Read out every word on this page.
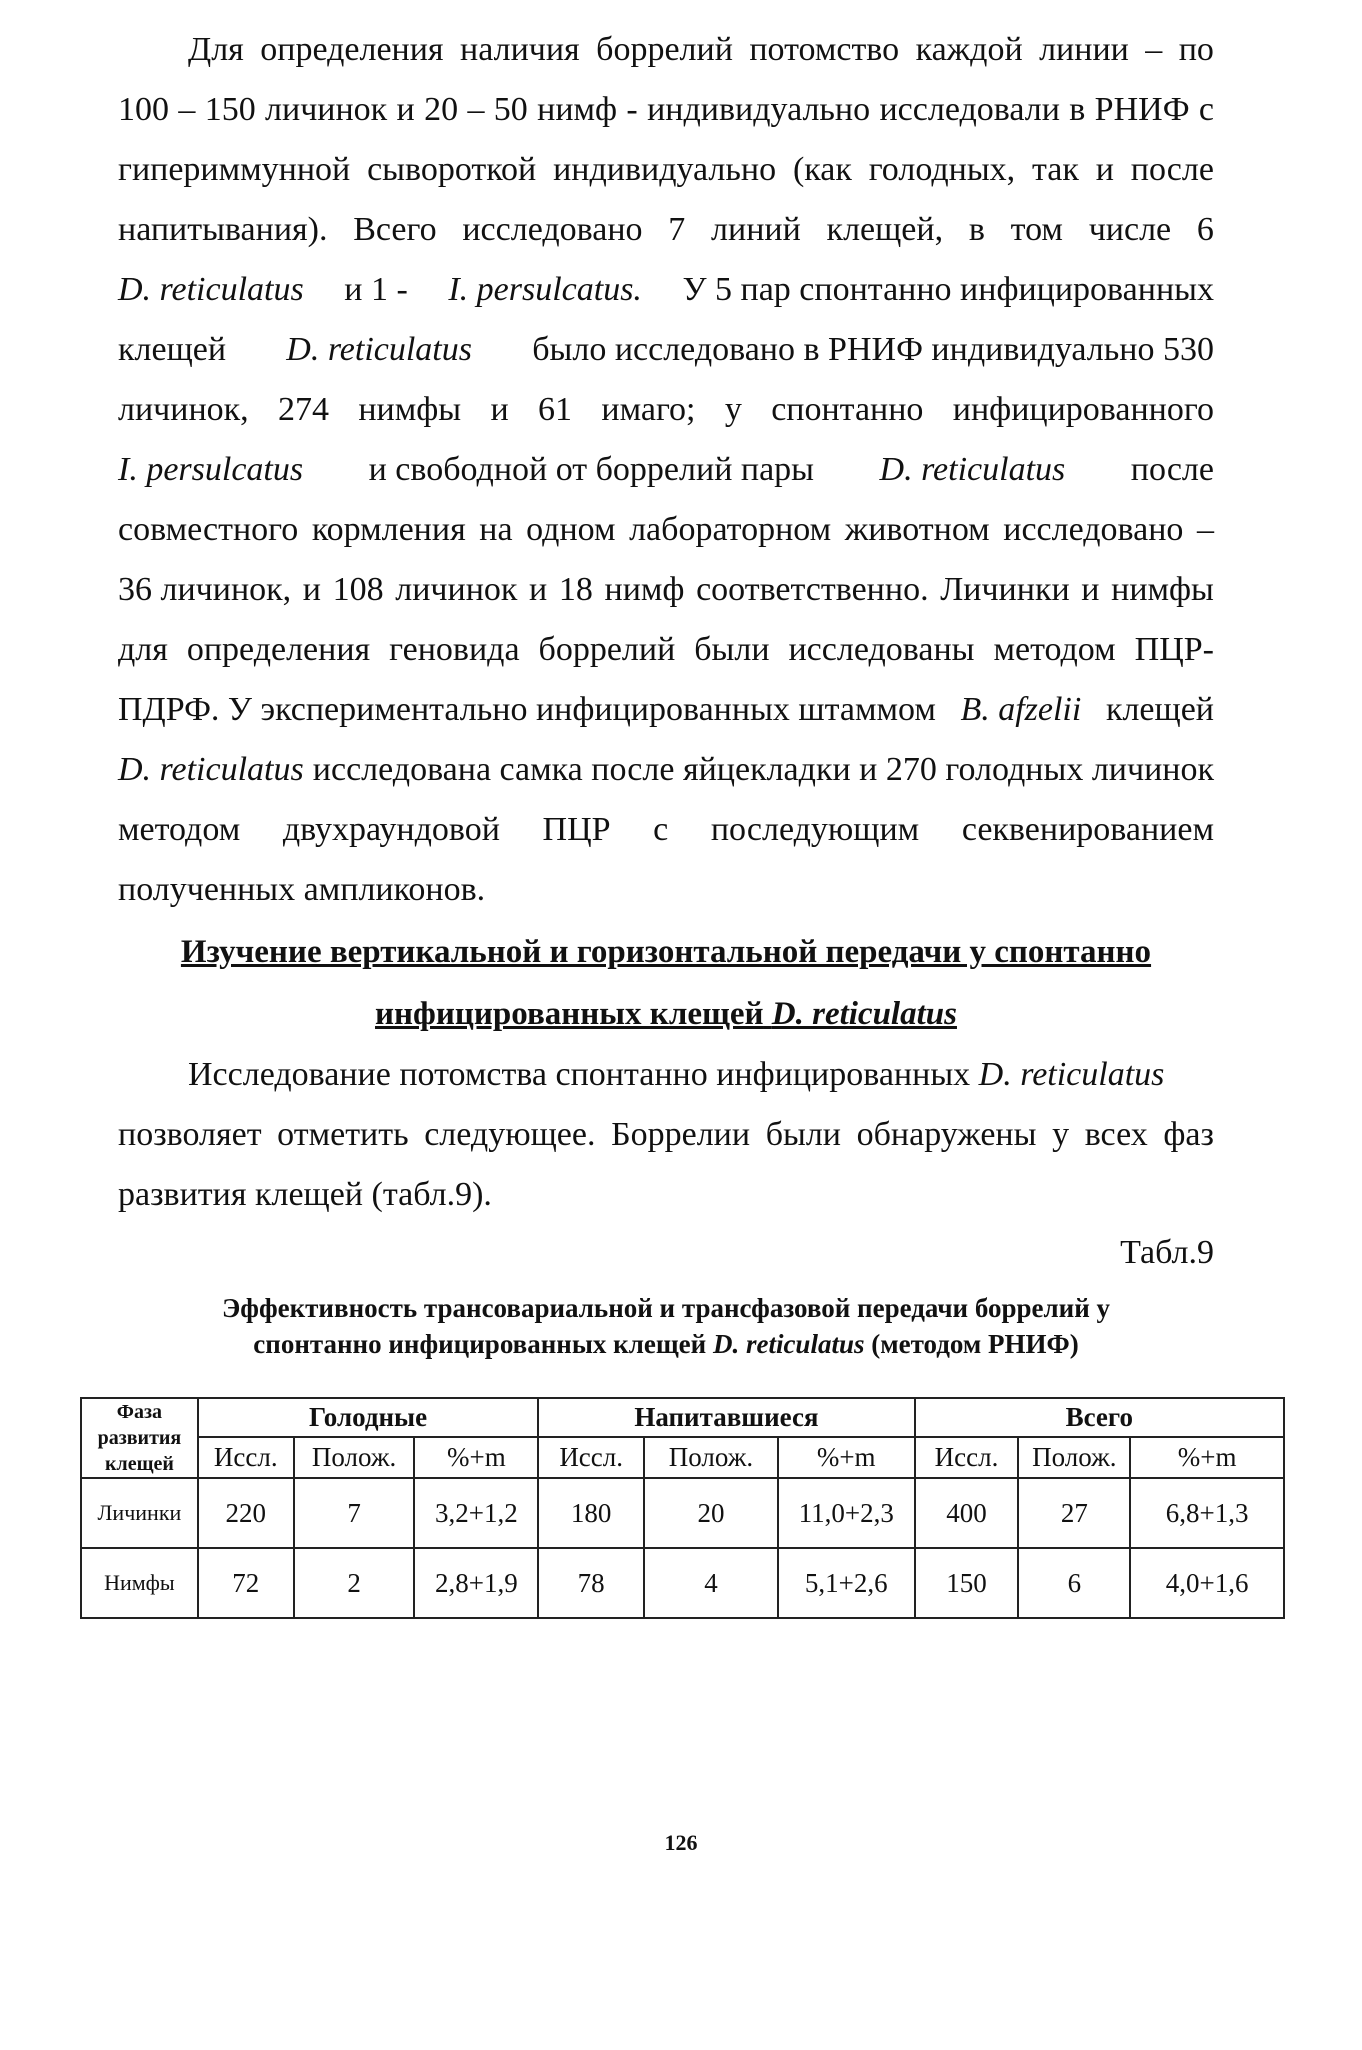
Для определения наличия боррелий потомство каждой линии – по
100 – 150 личинок и 20 – 50 нимф - индивидуально исследовали в РНИФ с
гипериммунной сывороткой индивидуально (как голодных, так и после
напитывания). Всего исследовано 7 линий клещей, в том числе 6
D. reticulatus и 1 - I. persulcatus. У 5 пар спонтанно инфицированных
клещей D. reticulatus было исследовано в РНИФ индивидуально 530
личинок, 274 нимфы и 61 имаго; у спонтанно инфицированного
I. persulcatus и свободной от боррелий пары D. reticulatus после
совместного кормления на одном лабораторном животном исследовано –
36 личинок, и 108 личинок и 18 нимф соответственно. Личинки и нимфы
для определения геновида боррелий были исследованы методом ПЦР-
ПДРФ. У экспериментально инфицированных штаммом B. afzelii клещей
D. reticulatus исследована самка после яйцекладки и 270 голодных личинок
методом двухраундовой ПЦР с последующим секвенированием
полученных ампликонов.
Изучение вертикальной и горизонтальной передачи у спонтанно
инфицированных клещей D. reticulatus
Исследование потомства спонтанно инфицированных D. reticulatus
позволяет отметить следующее. Боррелии были обнаружены у всех фаз
развития клещей (табл.9).
Табл.9
Эффективность трансовариальной и трансфазовой передачи боррелий у
спонтанно инфицированных клещей D. reticulatus (методом РНИФ)
Фаза
развития
клещей	Голодные			Напитавшиеся			Всего		
	Иссл.	Полож.	%+m	Иссл.	Полож.	%+m	Иссл.	Полож.	%+m
Личинки	220	7	3,2+1,2	180	20	11,0+2,3	400	27	6,8+1,3
Нимфы	72	2	2,8+1,9	78	4	5,1+2,6	150	6	4,0+1,6
126
